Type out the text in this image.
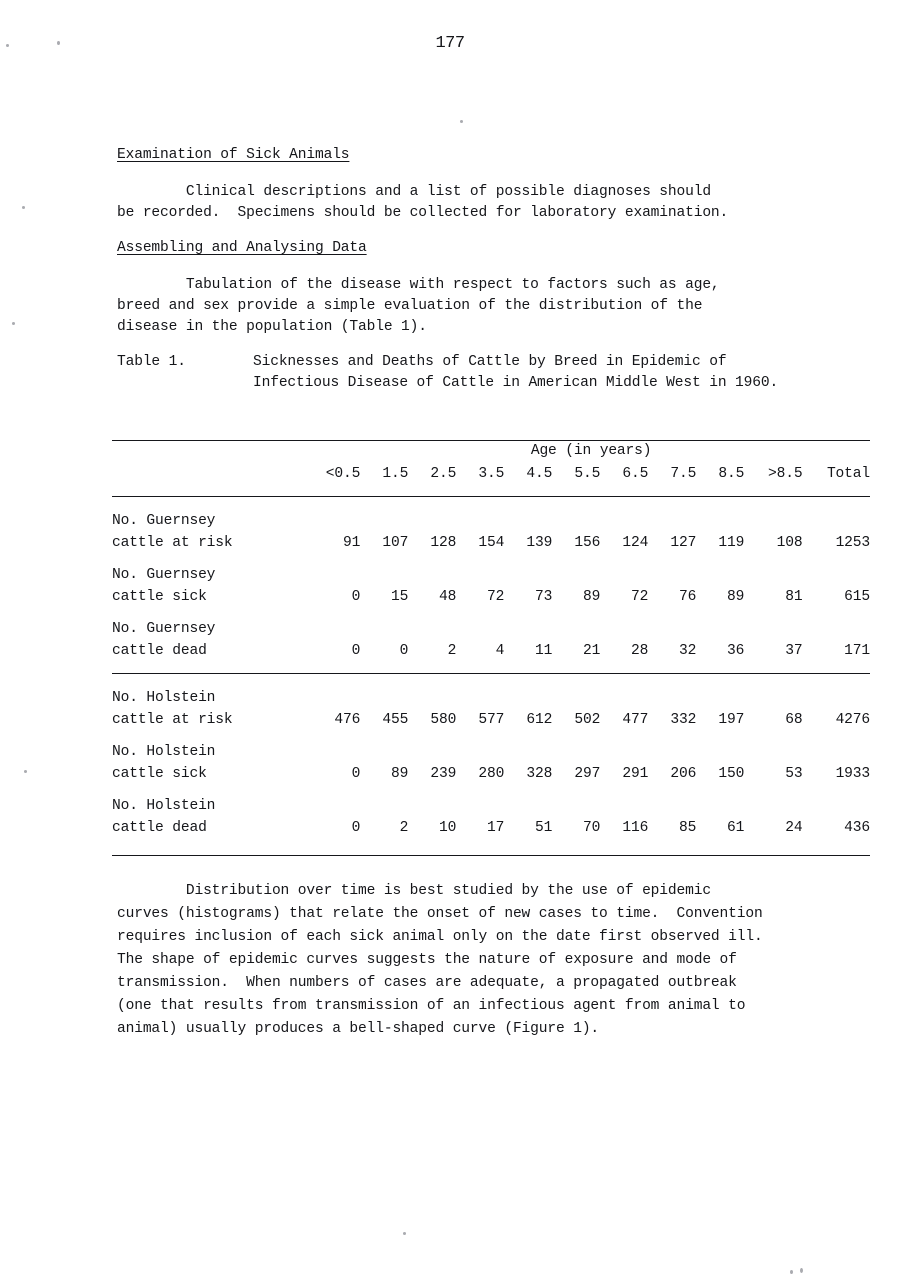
177
Examination of Sick Animals
Clinical descriptions and a list of possible diagnoses should
be recorded.  Specimens should be collected for laboratory examination.
Assembling and Analysing Data
Tabulation of the disease with respect to factors such as age,
breed and sex provide a simple evaluation of the distribution of the
disease in the population (Table 1).
Table 1.	Sicknesses and Deaths of Cattle by Breed in Epidemic of
Infectious Disease of Cattle in American Middle West in 1960.
	Age (in years)										
	<0.5	1.5	2.5	3.5	4.5	5.5	6.5	7.5	8.5	>8.5	Total
No. Guernsey											
cattle at risk	91	107	128	154	139	156	124	127	119	108	1253

No. Guernsey											
cattle sick	0	15	48	72	73	89	72	76	89	81	615

No. Guernsey											
cattle dead	0	0	2	4	11	21	28	32	36	37	171
No. Holstein											
cattle at risk	476	455	580	577	612	502	477	332	197	68	4276

No. Holstein											
cattle sick	0	89	239	280	328	297	291	206	150	53	1933

No. Holstein											
cattle dead	0	2	10	17	51	70	116	85	61	24	436
Distribution over time is best studied by the use of epidemic
curves (histograms) that relate the onset of new cases to time.  Convention
requires inclusion of each sick animal only on the date first observed ill.
The shape of epidemic curves suggests the nature of exposure and mode of
transmission.  When numbers of cases are adequate, a propagated outbreak
(one that results from transmission of an infectious agent from animal to
animal) usually produces a bell-shaped curve (Figure 1).
